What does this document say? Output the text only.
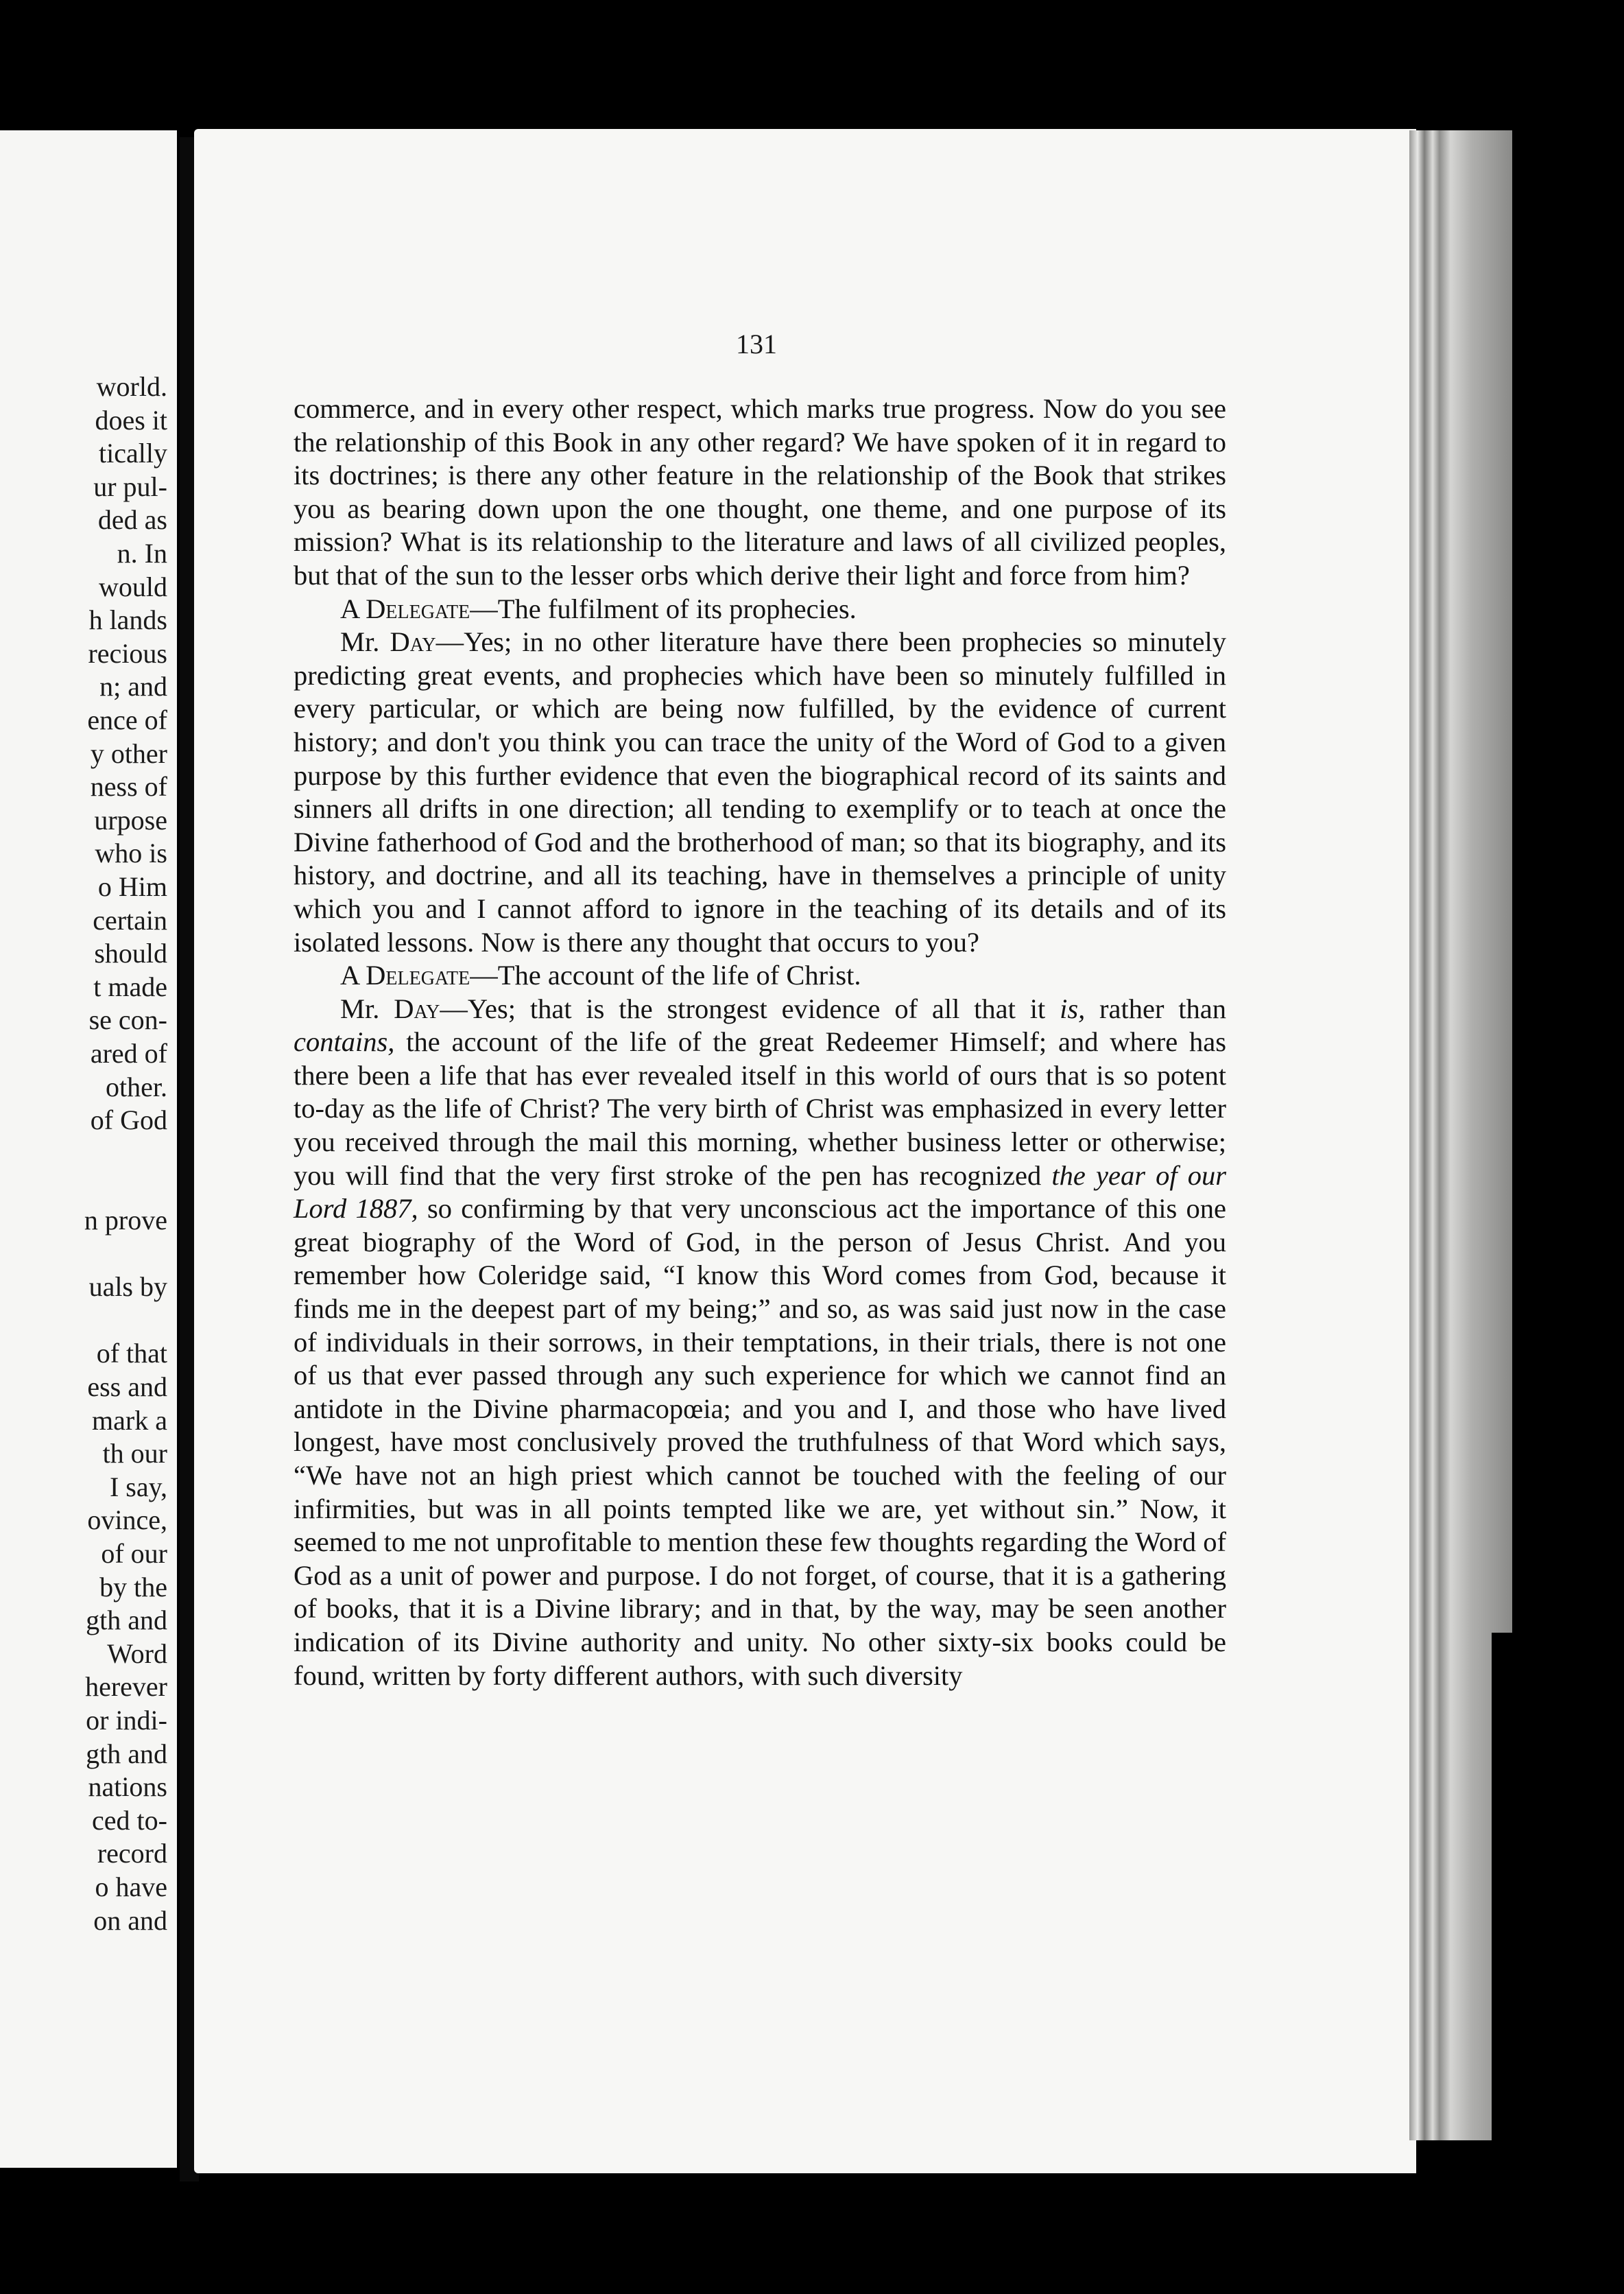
world.
does it
tically
ur pul-
ded as
n. In
would
h lands
recious
n; and
ence of
y other
ness of
urpose
who is
o Him
certain
should
t made
se con-
ared of
other.
of God
n prove
uals by
of that
ess and
mark a
th our
I say,
ovince,
of our
by the
gth and
Word
herever
or indi-
gth and
nations
ced to-
record
o have
on and
131

commerce, and in every other respect, which marks true progress. Now do you see the relationship of this Book in any other regard? We have spoken of it in regard to its doctrines; is there any other feature in the relationship of the Book that strikes you as bearing down upon the one thought, one theme, and one purpose of its mission? What is its relationship to the literature and laws of all civilized peoples, but that of the sun to the lesser orbs which derive their light and force from him?

A Delegate—The fulfilment of its prophecies.

Mr. Day—Yes; in no other literature have there been prophecies so minutely predicting great events, and prophecies which have been so minutely fulfilled in every particular, or which are being now fulfilled, by the evidence of current history; and don't you think you can trace the unity of the Word of God to a given purpose by this further evidence that even the biographical record of its saints and sinners all drifts in one direction; all tending to exemplify or to teach at once the Divine fatherhood of God and the brotherhood of man; so that its biography, and its history, and doctrine, and all its teaching, have in themselves a principle of unity which you and I cannot afford to ignore in the teaching of its details and of its isolated lessons. Now is there any thought that occurs to you?

A Delegate—The account of the life of Christ.

Mr. Day—Yes; that is the strongest evidence of all that it is, rather than contains, the account of the life of the great Redeemer Himself; and where has there been a life that has ever revealed itself in this world of ours that is so potent to-day as the life of Christ? The very birth of Christ was emphasized in every letter you received through the mail this morning, whether business letter or otherwise; you will find that the very first stroke of the pen has recognized the year of our Lord 1887, so confirming by that very unconscious act the importance of this one great biography of the Word of God, in the person of Jesus Christ. And you remember how Coleridge said, “I know this Word comes from God, because it finds me in the deepest part of my being;” and so, as was said just now in the case of individuals in their sorrows, in their temptations, in their trials, there is not one of us that ever passed through any such experience for which we cannot find an antidote in the Divine pharmacopœia; and you and I, and those who have lived longest, have most conclusively proved the truthfulness of that Word which says, “We have not an high priest which cannot be touched with the feeling of our infirmities, but was in all points tempted like we are, yet without sin.” Now, it seemed to me not unprofitable to mention these few thoughts regarding the Word of God as a unit of power and purpose. I do not forget, of course, that it is a gathering of books, that it is a Divine library; and in that, by the way, may be seen another indication of its Divine authority and unity. No other sixty-six books could be found, written by forty different authors, with such diversity
